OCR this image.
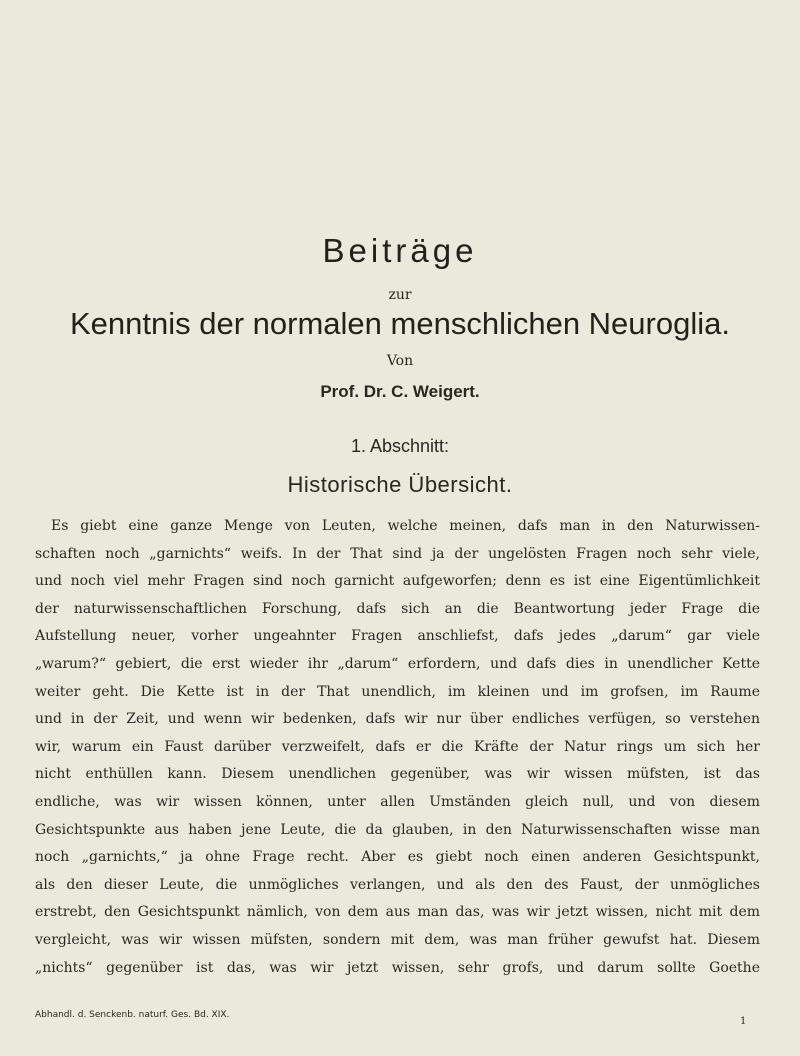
Beiträge
zur
Kenntnis der normalen menschlichen Neuroglia.
Von
Prof. Dr. C. Weigert.
1. Abschnitt:
Historische Übersicht.
Es giebt eine ganze Menge von Leuten, welche meinen, dafs man in den Naturwissen-
schaften noch „garnichts“ weifs. In der That sind ja der ungelösten Fragen noch sehr viele,
und noch viel mehr Fragen sind noch garnicht aufgeworfen; denn es ist eine Eigentümlichkeit
der naturwissenschaftlichen Forschung, dafs sich an die Beantwortung jeder Frage die
Aufstellung neuer, vorher ungeahnter Fragen anschliefst, dafs jedes „darum“ gar viele
„warum?“ gebiert, die erst wieder ihr „darum“ erfordern, und dafs dies in unendlicher Kette
weiter geht. Die Kette ist in der That unendlich, im kleinen und im grofsen, im Raume
und in der Zeit, und wenn wir bedenken, dafs wir nur über endliches verfügen, so verstehen
wir, warum ein Faust darüber verzweifelt, dafs er die Kräfte der Natur rings um sich her
nicht enthüllen kann. Diesem unendlichen gegenüber, was wir wissen müfsten, ist das
endliche, was wir wissen können, unter allen Umständen gleich null, und von diesem
Gesichtspunkte aus haben jene Leute, die da glauben, in den Naturwissenschaften wisse man
noch „garnichts,“ ja ohne Frage recht. Aber es giebt noch einen anderen Gesichtspunkt,
als den dieser Leute, die unmögliches verlangen, und als den des Faust, der unmögliches
erstrebt, den Gesichtspunkt nämlich, von dem aus man das, was wir jetzt wissen, nicht mit dem
vergleicht, was wir wissen müfsten, sondern mit dem, was man früher gewufst hat. Diesem
„nichts“ gegenüber ist das, was wir jetzt wissen, sehr grofs, und darum sollte Goethe
Abhandl. d. Senckenb. naturf. Ges. Bd. XIX.
1
